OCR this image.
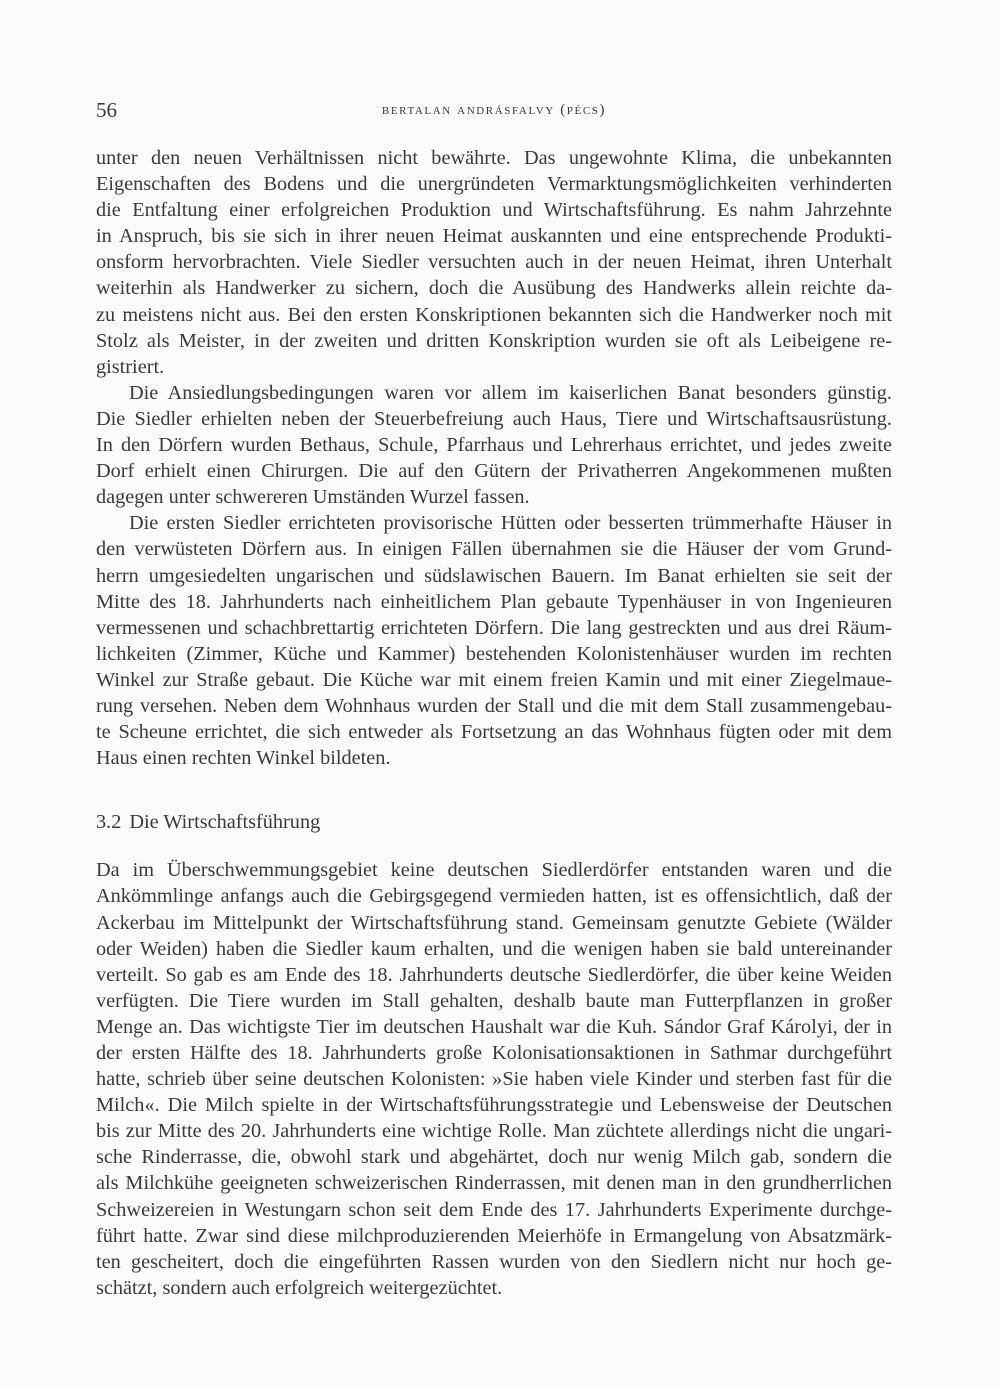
56	bertalan andrásfalvy (pécs)
unter den neuen Verhältnissen nicht bewährte. Das ungewohnte Klima, die unbekannten
Eigenschaften des Bodens und die unergründeten Vermarktungsmöglichkeiten verhinderten
die Entfaltung einer erfolgreichen Produktion und Wirtschaftsführung. Es nahm Jahrzehnte
in Anspruch, bis sie sich in ihrer neuen Heimat auskannten und eine entsprechende Produkti-
onsform hervorbrachten. Viele Siedler versuchten auch in der neuen Heimat, ihren Unterhalt
weiterhin als Handwerker zu sichern, doch die Ausübung des Handwerks allein reichte da-
zu meistens nicht aus. Bei den ersten Konskriptionen bekannten sich die Handwerker noch mit
Stolz als Meister, in der zweiten und dritten Konskription wurden sie oft als Leibeigene re-
gistriert.
Die Ansiedlungsbedingungen waren vor allem im kaiserlichen Banat besonders günstig.
Die Siedler erhielten neben der Steuerbefreiung auch Haus, Tiere und Wirtschaftsausrüstung.
In den Dörfern wurden Bethaus, Schule, Pfarrhaus und Lehrerhaus errichtet, und jedes zweite
Dorf erhielt einen Chirurgen. Die auf den Gütern der Privatherren Angekommenen mußten
dagegen unter schwereren Umständen Wurzel fassen.
Die ersten Siedler errichteten provisorische Hütten oder besserten trümmerhafte Häuser in
den verwüsteten Dörfern aus. In einigen Fällen übernahmen sie die Häuser der vom Grund-
herrn umgesiedelten ungarischen und südslawischen Bauern. Im Banat erhielten sie seit der
Mitte des 18. Jahrhunderts nach einheitlichem Plan gebaute Typenhäuser in von Ingenieuren
vermessenen und schachbrettartig errichteten Dörfern. Die lang gestreckten und aus drei Räum-
lichkeiten (Zimmer, Küche und Kammer) bestehenden Kolonistenhäuser wurden im rechten
Winkel zur Straße gebaut. Die Küche war mit einem freien Kamin und mit einer Ziegelmaue-
rung versehen. Neben dem Wohnhaus wurden der Stall und die mit dem Stall zusammengebau-
te Scheune errichtet, die sich entweder als Fortsetzung an das Wohnhaus fügten oder mit dem
Haus einen rechten Winkel bildeten.
3.2 Die Wirtschaftsführung
Da im Überschwemmungsgebiet keine deutschen Siedlerdörfer entstanden waren und die
Ankömmlinge anfangs auch die Gebirgsgegend vermieden hatten, ist es offensichtlich, daß der
Ackerbau im Mittelpunkt der Wirtschaftsführung stand. Gemeinsam genutzte Gebiete (Wälder
oder Weiden) haben die Siedler kaum erhalten, und die wenigen haben sie bald untereinander
verteilt. So gab es am Ende des 18. Jahrhunderts deutsche Siedlerdörfer, die über keine Weiden
verfügten. Die Tiere wurden im Stall gehalten, deshalb baute man Futterpflanzen in großer
Menge an. Das wichtigste Tier im deutschen Haushalt war die Kuh. Sándor Graf Károlyi, der in
der ersten Hälfte des 18. Jahrhunderts große Kolonisationsaktionen in Sathmar durchgeführt
hatte, schrieb über seine deutschen Kolonisten: »Sie haben viele Kinder und sterben fast für die
Milch«. Die Milch spielte in der Wirtschaftsführungsstrategie und Lebensweise der Deutschen
bis zur Mitte des 20. Jahrhunderts eine wichtige Rolle. Man züchtete allerdings nicht die ungari-
sche Rinderrasse, die, obwohl stark und abgehärtet, doch nur wenig Milch gab, sondern die
als Milchkühe geeigneten schweizerischen Rinderrassen, mit denen man in den grundherrlichen
Schweizereien in Westungarn schon seit dem Ende des 17. Jahrhunderts Experimente durchge-
führt hatte. Zwar sind diese milchproduzierenden Meierhöfe in Ermangelung von Absatzmärk-
ten gescheitert, doch die eingeführten Rassen wurden von den Siedlern nicht nur hoch ge-
schätzt, sondern auch erfolgreich weitergezüchtet.
